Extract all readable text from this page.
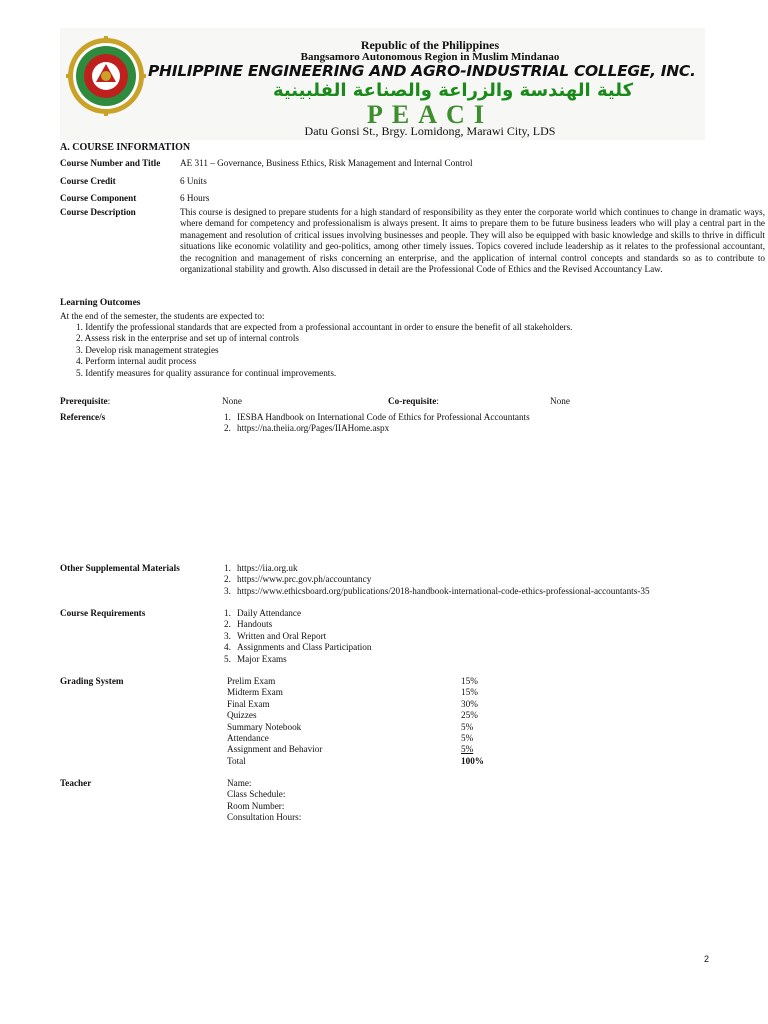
Republic of the Philippines
Bangsamoro Autonomous Region in Muslim Mindanao
PHILIPPINE ENGINEERING AND AGRO-INDUSTRIAL COLLEGE, INC.
كلية الهندسة والزراعة والصناعة الفلبينية
PEACI
Datu Gonsi St., Brgy. Lomidong, Marawi City, LDS
A. COURSE INFORMATION
Course Number and Title	AE 311 – Governance, Business Ethics, Risk Management and Internal Control
Course Credit	6 Units
Course Component	6 Hours
Course Description	This course is designed to prepare students for a high standard of responsibility as they enter the corporate world which continues to change in dramatic ways, where demand for competency and professionalism is always present. It aims to prepare them to be future business leaders who will play a central part in the management and resolution of critical issues involving businesses and people. They will also be equipped with basic knowledge and skills to thrive in difficult situations like economic volatility and geo-politics, among other timely issues. Topics covered include leadership as it relates to the professional accountant, the recognition and management of risks concerning an enterprise, and the application of internal control concepts and standards so as to contribute to organizational stability and growth. Also discussed in detail are the Professional Code of Ethics and the Revised Accountancy Law.
Learning Outcomes
At the end of the semester, the students are expected to:
1. Identify the professional standards that are expected from a professional accountant in order to ensure the benefit of all stakeholders.
2. Assess risk in the enterprise and set up of internal controls
3. Develop risk management strategies
4. Perform internal audit process
5. Identify measures for quality assurance for continual improvements.
Prerequisite:	None	Co-requisite:	None
Reference/s	1. IESBA Handbook on International Code of Ethics for Professional Accountants
2. https://na.theiia.org/Pages/IIAHome.aspx
Other Supplemental Materials	1. https://iia.org.uk
2. https://www.prc.gov.ph/accountancy
3. https://www.ethicsboard.org/publications/2018-handbook-international-code-ethics-professional-accountants-35
Course Requirements	1. Daily Attendance
2. Handouts
3. Written and Oral Report
4. Assignments and Class Participation
5. Major Exams
Grading System	Prelim Exam	15%
Midterm Exam	15%
Final Exam	30%
Quizzes	25%
Summary Notebook	5%
Attendance	5%
Assignment and Behavior	5%
Total	100%
Teacher	Name:
Class Schedule:
Room Number:
Consultation Hours:
2
